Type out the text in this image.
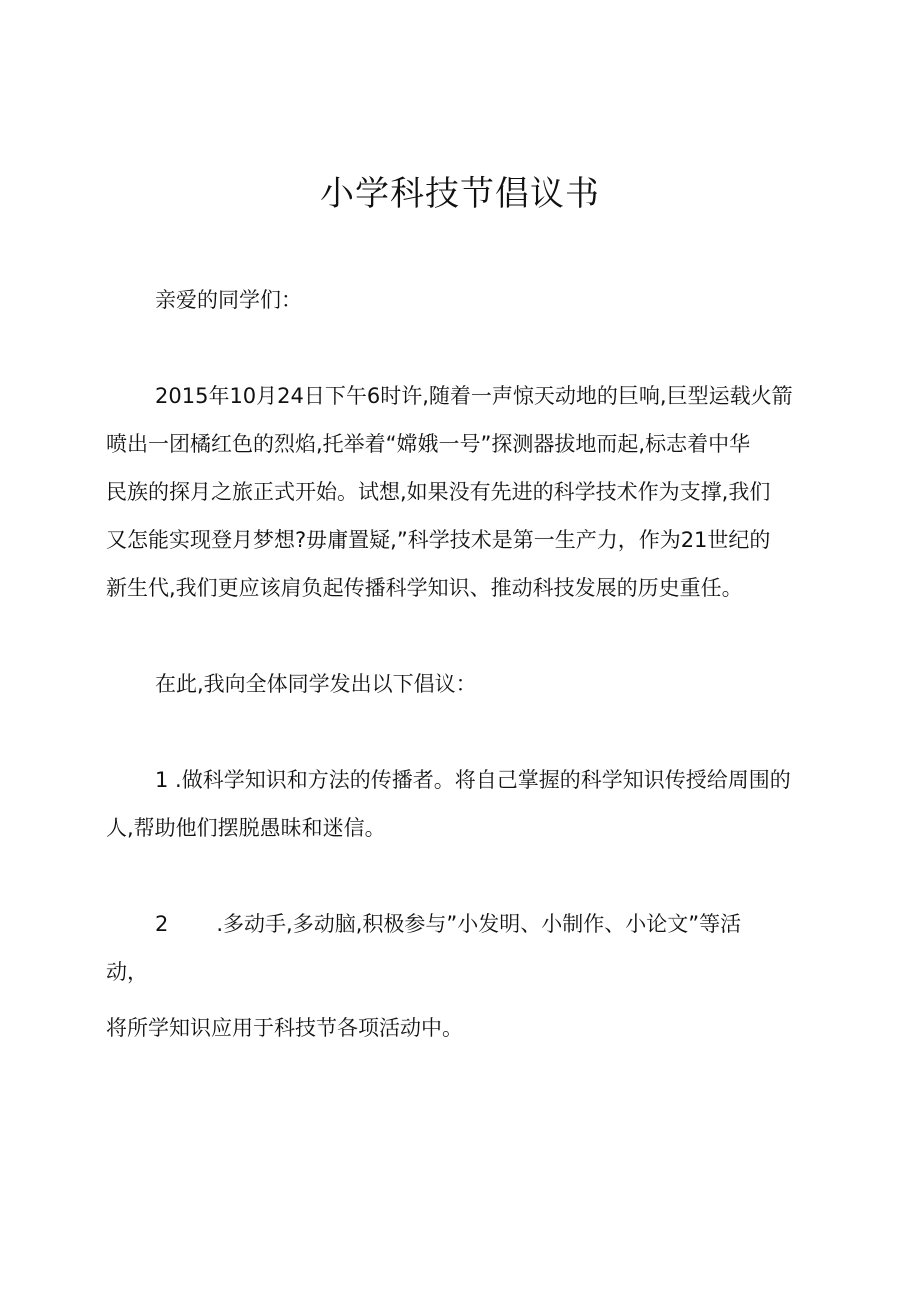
小学科技节倡议书

亲爱的同学们：

2015年10月24日下午6时许,随着一声惊天动地的巨响,巨型运载火箭

喷出一团橘红色的烈焰,托举着“嫦娥一号”探测器拔地而起,标志着中华

民族的探月之旅正式开始。试想,如果没有先进的科学技术作为支撑,我们

又怎能实现登月梦想?毋庸置疑,”科学技术是第一生产力，作为21世纪的

新生代,我们更应该肩负起传播科学知识、推动科技发展的历史重任。

在此,我向全体同学发出以下倡议：

1 .做科学知识和方法的传播者。将自己掌握的科学知识传授给周围的

人,帮助他们摆脱愚昧和迷信。

2 .多动手,多动脑,积极参与”小发明、小制作、小论文”等活

动，

将所学知识应用于科技节各项活动中。
